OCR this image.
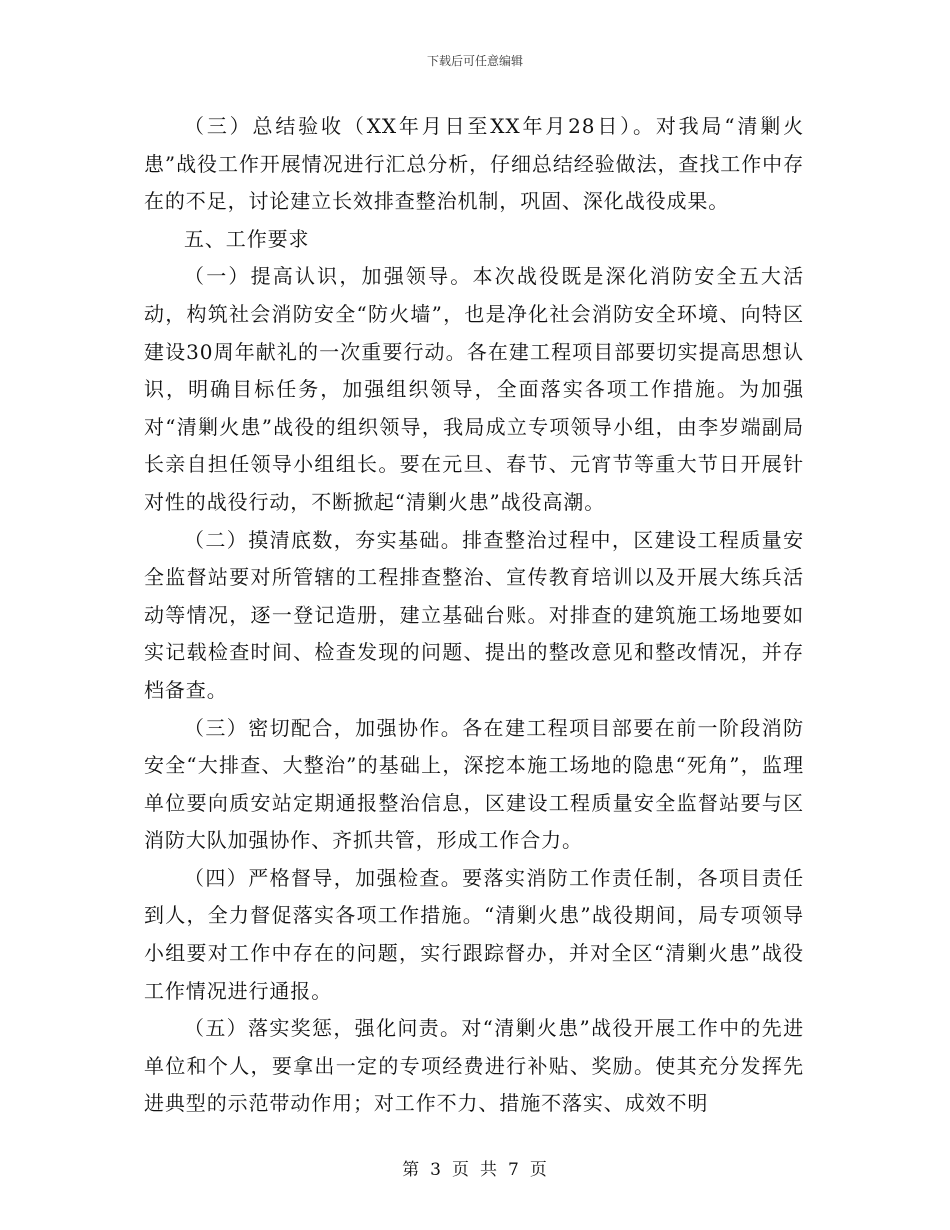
下载后可任意编辑

（三）总结验收（XX年月日至XX年月28日）。对我局“清剿火患”战役工作开展情况进行汇总分析，仔细总结经验做法，查找工作中存在的不足，讨论建立长效排查整治机制，巩固、深化战役成果。

五、工作要求

（一）提高认识，加强领导。本次战役既是深化消防安全五大活动，构筑社会消防安全“防火墙”，也是净化社会消防安全环境、向特区建设30周年献礼的一次重要行动。各在建工程项目部要切实提高思想认识，明确目标任务，加强组织领导，全面落实各项工作措施。为加强对“清剿火患”战役的组织领导，我局成立专项领导小组，由李岁端副局长亲自担任领导小组组长。要在元旦、春节、元宵节等重大节日开展针对性的战役行动，不断掀起“清剿火患”战役高潮。

（二）摸清底数，夯实基础。排查整治过程中，区建设工程质量安全监督站要对所管辖的工程排查整治、宣传教育培训以及开展大练兵活动等情况，逐一登记造册，建立基础台账。对排查的建筑施工场地要如实记载检查时间、检查发现的问题、提出的整改意见和整改情况，并存档备查。

（三）密切配合，加强协作。各在建工程项目部要在前一阶段消防安全“大排查、大整治”的基础上，深挖本施工场地的隐患“死角”，监理单位要向质安站定期通报整治信息，区建设工程质量安全监督站要与区消防大队加强协作、齐抓共管，形成工作合力。

（四）严格督导，加强检查。要落实消防工作责任制，各项目责任到人，全力督促落实各项工作措施。“清剿火患”战役期间，局专项领导小组要对工作中存在的问题，实行跟踪督办，并对全区“清剿火患”战役工作情况进行通报。

（五）落实奖惩，强化问责。对“清剿火患”战役开展工作中的先进单位和个人，要拿出一定的专项经费进行补贴、奖励。使其充分发挥先进典型的示范带动作用；对工作不力、措施不落实、成效不明

第 3 页 共 7 页
